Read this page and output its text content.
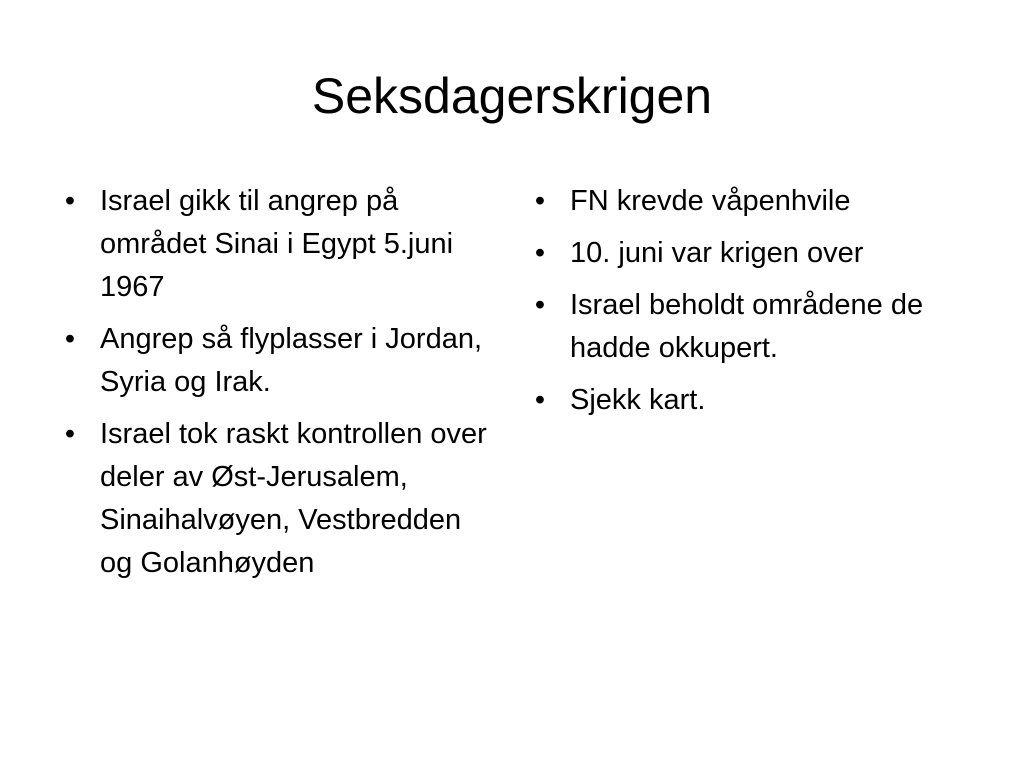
Seksdagerskrigen
• Israel gikk til angrep på området Sinai i Egypt 5.juni 1967
• Angrep så flyplasser i Jordan, Syria og Irak.
• Israel tok raskt kontrollen over deler av Øst-Jerusalem, Sinaihalvøyen, Vestbredden og Golanhøyden
• FN krevde våpenhvile
• 10. juni var krigen over
• Israel beholdt områdene de hadde okkupert.
• Sjekk kart.
